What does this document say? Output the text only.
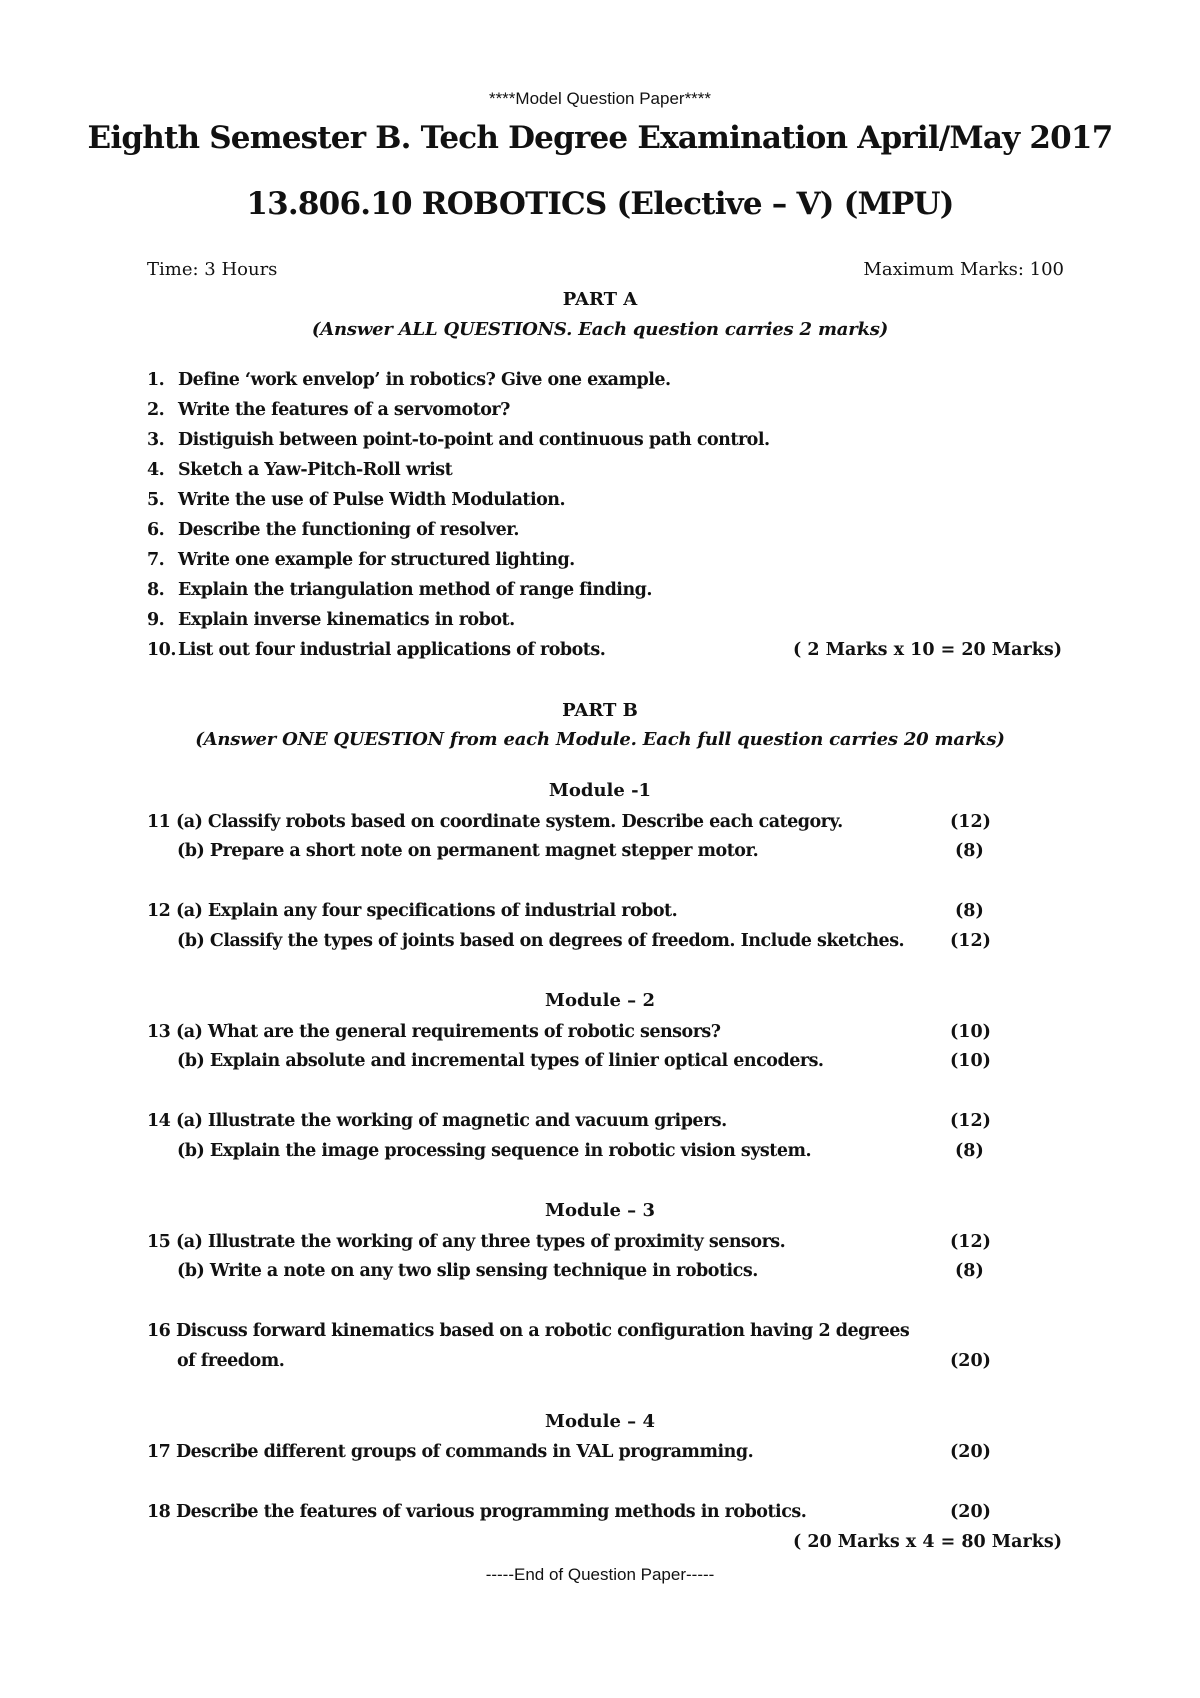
****Model Question Paper****
Eighth Semester B. Tech Degree Examination April/May 2017
13.806.10 ROBOTICS (Elective – V) (MPU)
Time: 3 Hours	Maximum Marks: 100
PART A
(Answer ALL QUESTIONS. Each question carries 2 marks)
1. Define ‘work envelop’ in robotics? Give one example.
2. Write the features of a servomotor?
3. Distiguish between point-to-point and continuous path control.
4. Sketch a Yaw-Pitch-Roll wrist
5. Write the use of Pulse Width Modulation.
6. Describe the functioning of resolver.
7. Write one example for structured lighting.
8. Explain the triangulation method of range finding.
9. Explain inverse kinematics in robot.
10. List out four industrial applications of robots.	( 2 Marks x 10 = 20 Marks)
PART B
(Answer ONE QUESTION from each Module. Each full question carries 20 marks)
Module -1
11 (a) Classify robots based on coordinate system. Describe each category.	(12)
(b) Prepare a short note on permanent magnet stepper motor.	(8)
12 (a) Explain any four specifications of industrial robot.	(8)
(b) Classify the types of joints based on degrees of freedom. Include sketches.	(12)
Module – 2
13 (a) What are the general requirements of robotic sensors?	(10)
(b) Explain absolute and incremental types of linier optical encoders.	(10)
14 (a) Illustrate the working of magnetic and vacuum gripers.	(12)
(b) Explain the image processing sequence in robotic vision system.	(8)
Module – 3
15 (a) Illustrate the working of any three types of proximity sensors.	(12)
(b) Write a note on any two slip sensing technique in robotics.	(8)
16 Discuss forward kinematics based on a robotic configuration having 2 degrees
of freedom.	(20)
Module – 4
17 Describe different groups of commands in VAL programming.	(20)
18 Describe the features of various programming methods in robotics.	(20)
( 20 Marks x 4 = 80 Marks)
-----End of Question Paper-----
